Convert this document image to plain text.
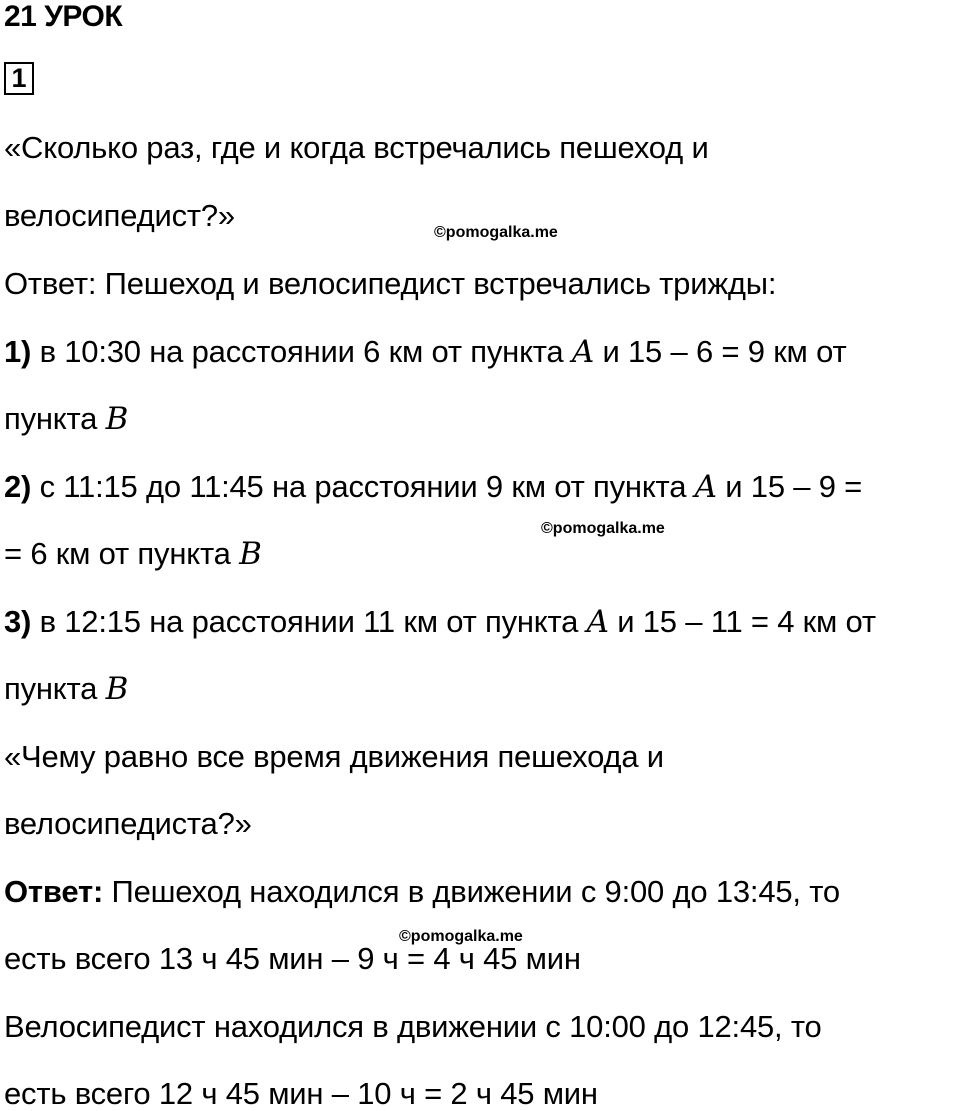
21 УРОК
1
«Сколько раз, где и когда встречались пешеход и
велосипедист?»
Ответ: Пешеход и велосипедист встречались трижды:
1) в 10:30 на расстоянии 6 км от пункта A и 15 – 6 = 9 км от
пункта B
2) с 11:15 до 11:45 на расстоянии 9 км от пункта A и 15 – 9 =
= 6 км от пункта B
3) в 12:15 на расстоянии 11 км от пункта A и 15 – 11 = 4 км от
пункта B
«Чему равно все время движения пешехода и
велосипедиста?»
Ответ: Пешеход находился в движении с 9:00 до 13:45, то
есть всего 13 ч 45 мин – 9 ч = 4 ч 45 мин
Велосипедист находился в движении с 10:00 до 12:45, то
есть всего 12 ч 45 мин – 10 ч = 2 ч 45 мин
©pomogalka.me
©pomogalka.me
©pomogalka.me
